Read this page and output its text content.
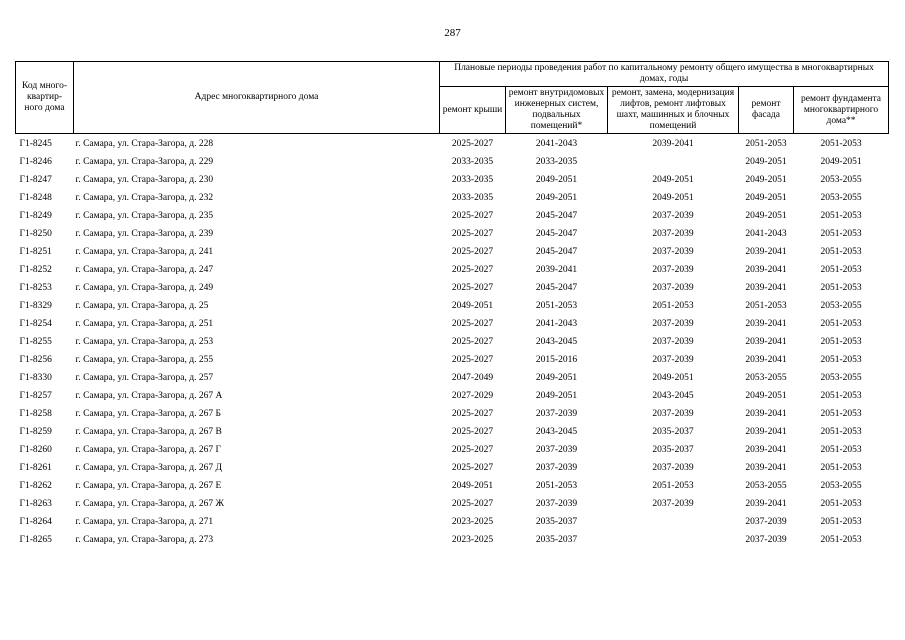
287
Код много-квартир-ного дома	Адрес многоквартирного дома	Плановые периоды проведения работ по капитальному ремонту общего имущества в многоквартирных домах, годы				
		ремонт крыши	ремонт внутридомовых инженерных систем, подвальных помещений*	ремонт, замена, модернизация лифтов, ремонт лифтовых шахт, машинных и блочных помещений	ремонт фасада	ремонт фундамента многоквартирного дома**
Г1-8245	г. Самара, ул. Стара-Загора, д. 228	2025-2027	2041-2043	2039-2041	2051-2053	2051-2053
Г1-8246	г. Самара, ул. Стара-Загора, д. 229	2033-2035	2033-2035		2049-2051	2049-2051
Г1-8247	г. Самара, ул. Стара-Загора, д. 230	2033-2035	2049-2051	2049-2051	2049-2051	2053-2055
Г1-8248	г. Самара, ул. Стара-Загора, д. 232	2033-2035	2049-2051	2049-2051	2049-2051	2053-2055
Г1-8249	г. Самара, ул. Стара-Загора, д. 235	2025-2027	2045-2047	2037-2039	2049-2051	2051-2053
Г1-8250	г. Самара, ул. Стара-Загора, д. 239	2025-2027	2045-2047	2037-2039	2041-2043	2051-2053
Г1-8251	г. Самара, ул. Стара-Загора, д. 241	2025-2027	2045-2047	2037-2039	2039-2041	2051-2053
Г1-8252	г. Самара, ул. Стара-Загора, д. 247	2025-2027	2039-2041	2037-2039	2039-2041	2051-2053
Г1-8253	г. Самара, ул. Стара-Загора, д. 249	2025-2027	2045-2047	2037-2039	2039-2041	2051-2053
Г1-8329	г. Самара, ул. Стара-Загора, д. 25	2049-2051	2051-2053	2051-2053	2051-2053	2053-2055
Г1-8254	г. Самара, ул. Стара-Загора, д. 251	2025-2027	2041-2043	2037-2039	2039-2041	2051-2053
Г1-8255	г. Самара, ул. Стара-Загора, д. 253	2025-2027	2043-2045	2037-2039	2039-2041	2051-2053
Г1-8256	г. Самара, ул. Стара-Загора, д. 255	2025-2027	2015-2016	2037-2039	2039-2041	2051-2053
Г1-8330	г. Самара, ул. Стара-Загора, д. 257	2047-2049	2049-2051	2049-2051	2053-2055	2053-2055
Г1-8257	г. Самара, ул. Стара-Загора, д. 267 А	2027-2029	2049-2051	2043-2045	2049-2051	2051-2053
Г1-8258	г. Самара, ул. Стара-Загора, д. 267 Б	2025-2027	2037-2039	2037-2039	2039-2041	2051-2053
Г1-8259	г. Самара, ул. Стара-Загора, д. 267 В	2025-2027	2043-2045	2035-2037	2039-2041	2051-2053
Г1-8260	г. Самара, ул. Стара-Загора, д. 267 Г	2025-2027	2037-2039	2035-2037	2039-2041	2051-2053
Г1-8261	г. Самара, ул. Стара-Загора, д. 267 Д	2025-2027	2037-2039	2037-2039	2039-2041	2051-2053
Г1-8262	г. Самара, ул. Стара-Загора, д. 267 Е	2049-2051	2051-2053	2051-2053	2053-2055	2053-2055
Г1-8263	г. Самара, ул. Стара-Загора, д. 267 Ж	2025-2027	2037-2039	2037-2039	2039-2041	2051-2053
Г1-8264	г. Самара, ул. Стара-Загора, д. 271	2023-2025	2035-2037		2037-2039	2051-2053
Г1-8265	г. Самара, ул. Стара-Загора, д. 273	2023-2025	2035-2037		2037-2039	2051-2053
